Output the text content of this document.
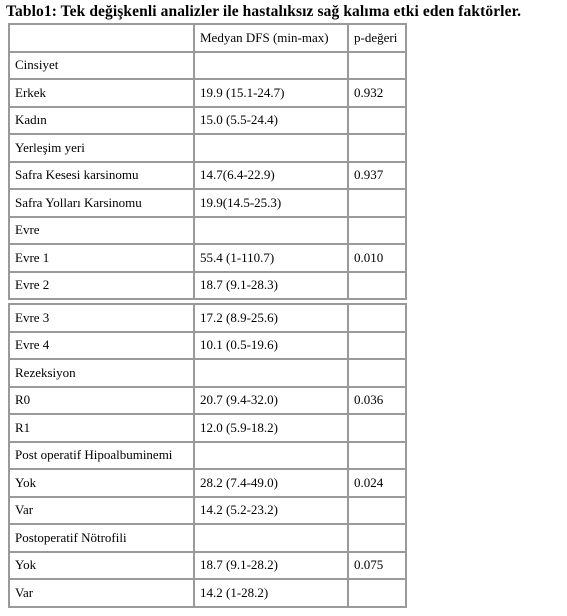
Tablo1: Tek değişkenli analizler ile hastalıksız sağ kalıma etki eden faktörler.
	Medyan DFS (min-max)	p-değeri
Cinsiyet		
Erkek	19.9 (15.1-24.7)	0.932
Kadın	15.0 (5.5-24.4)	
Yerleşim yeri		
Safra Kesesi karsinomu	14.7(6.4-22.9)	0.937
Safra Yolları Karsinomu	19.9(14.5-25.3)	
Evre		
Evre 1	55.4 (1-110.7)	0.010
Evre 2	18.7 (9.1-28.3)	
Evre 3	17.2 (8.9-25.6)	
Evre 4	10.1 (0.5-19.6)	
Rezeksiyon		
R0	20.7 (9.4-32.0)	0.036
R1	12.0 (5.9-18.2)	
Post operatif Hipoalbuminemi		
Yok	28.2 (7.4-49.0)	0.024
Var	14.2 (5.2-23.2)	
Postoperatif Nötrofili		
Yok	18.7 (9.1-28.2)	0.075
Var	14.2 (1-28.2)	
